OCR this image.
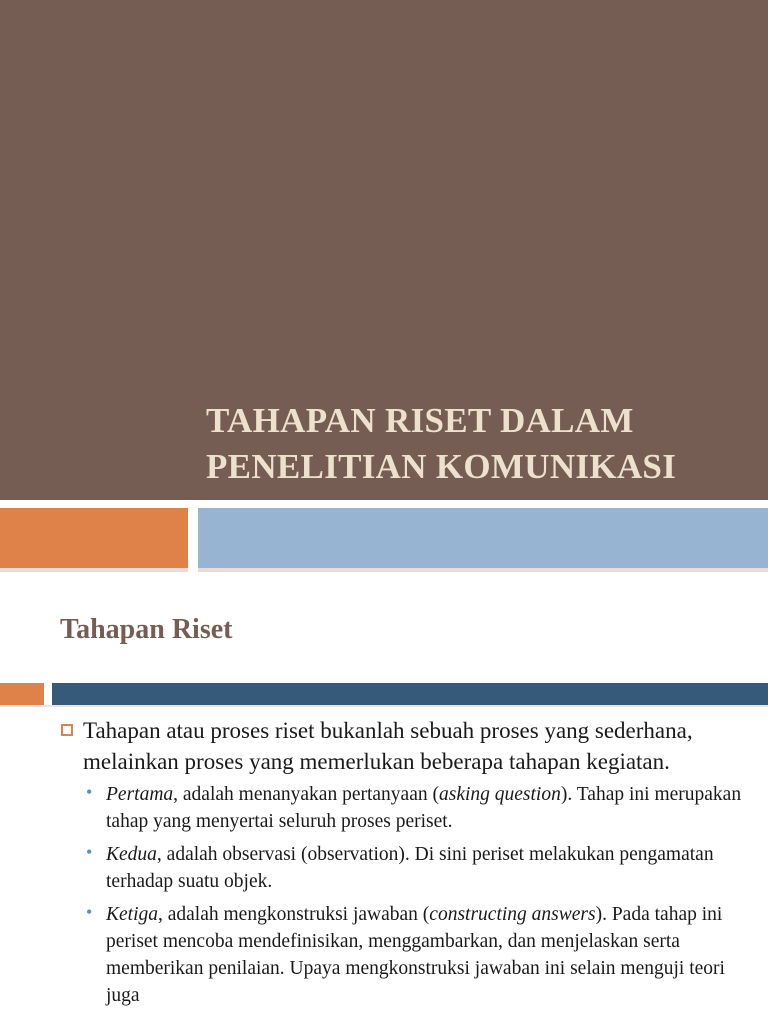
TAHAPAN RISET DALAM
PENELITIAN KOMUNIKASI
Tahapan Riset

Tahapan atau proses riset bukanlah sebuah proses yang sederhana, melainkan proses yang memerlukan beberapa tahapan kegiatan.

• Pertama, adalah menanyakan pertanyaan (asking question). Tahap ini merupakan tahap yang menyertai seluruh proses periset.
• Kedua, adalah observasi (observation). Di sini periset melakukan pengamatan terhadap suatu objek.
• Ketiga, adalah mengkonstruksi jawaban (constructing answers). Pada tahap ini periset mencoba mendefinisikan, menggambarkan, dan menjelaskan serta memberikan penilaian. Upaya mengkonstruksi jawaban ini selain menguji teori juga
